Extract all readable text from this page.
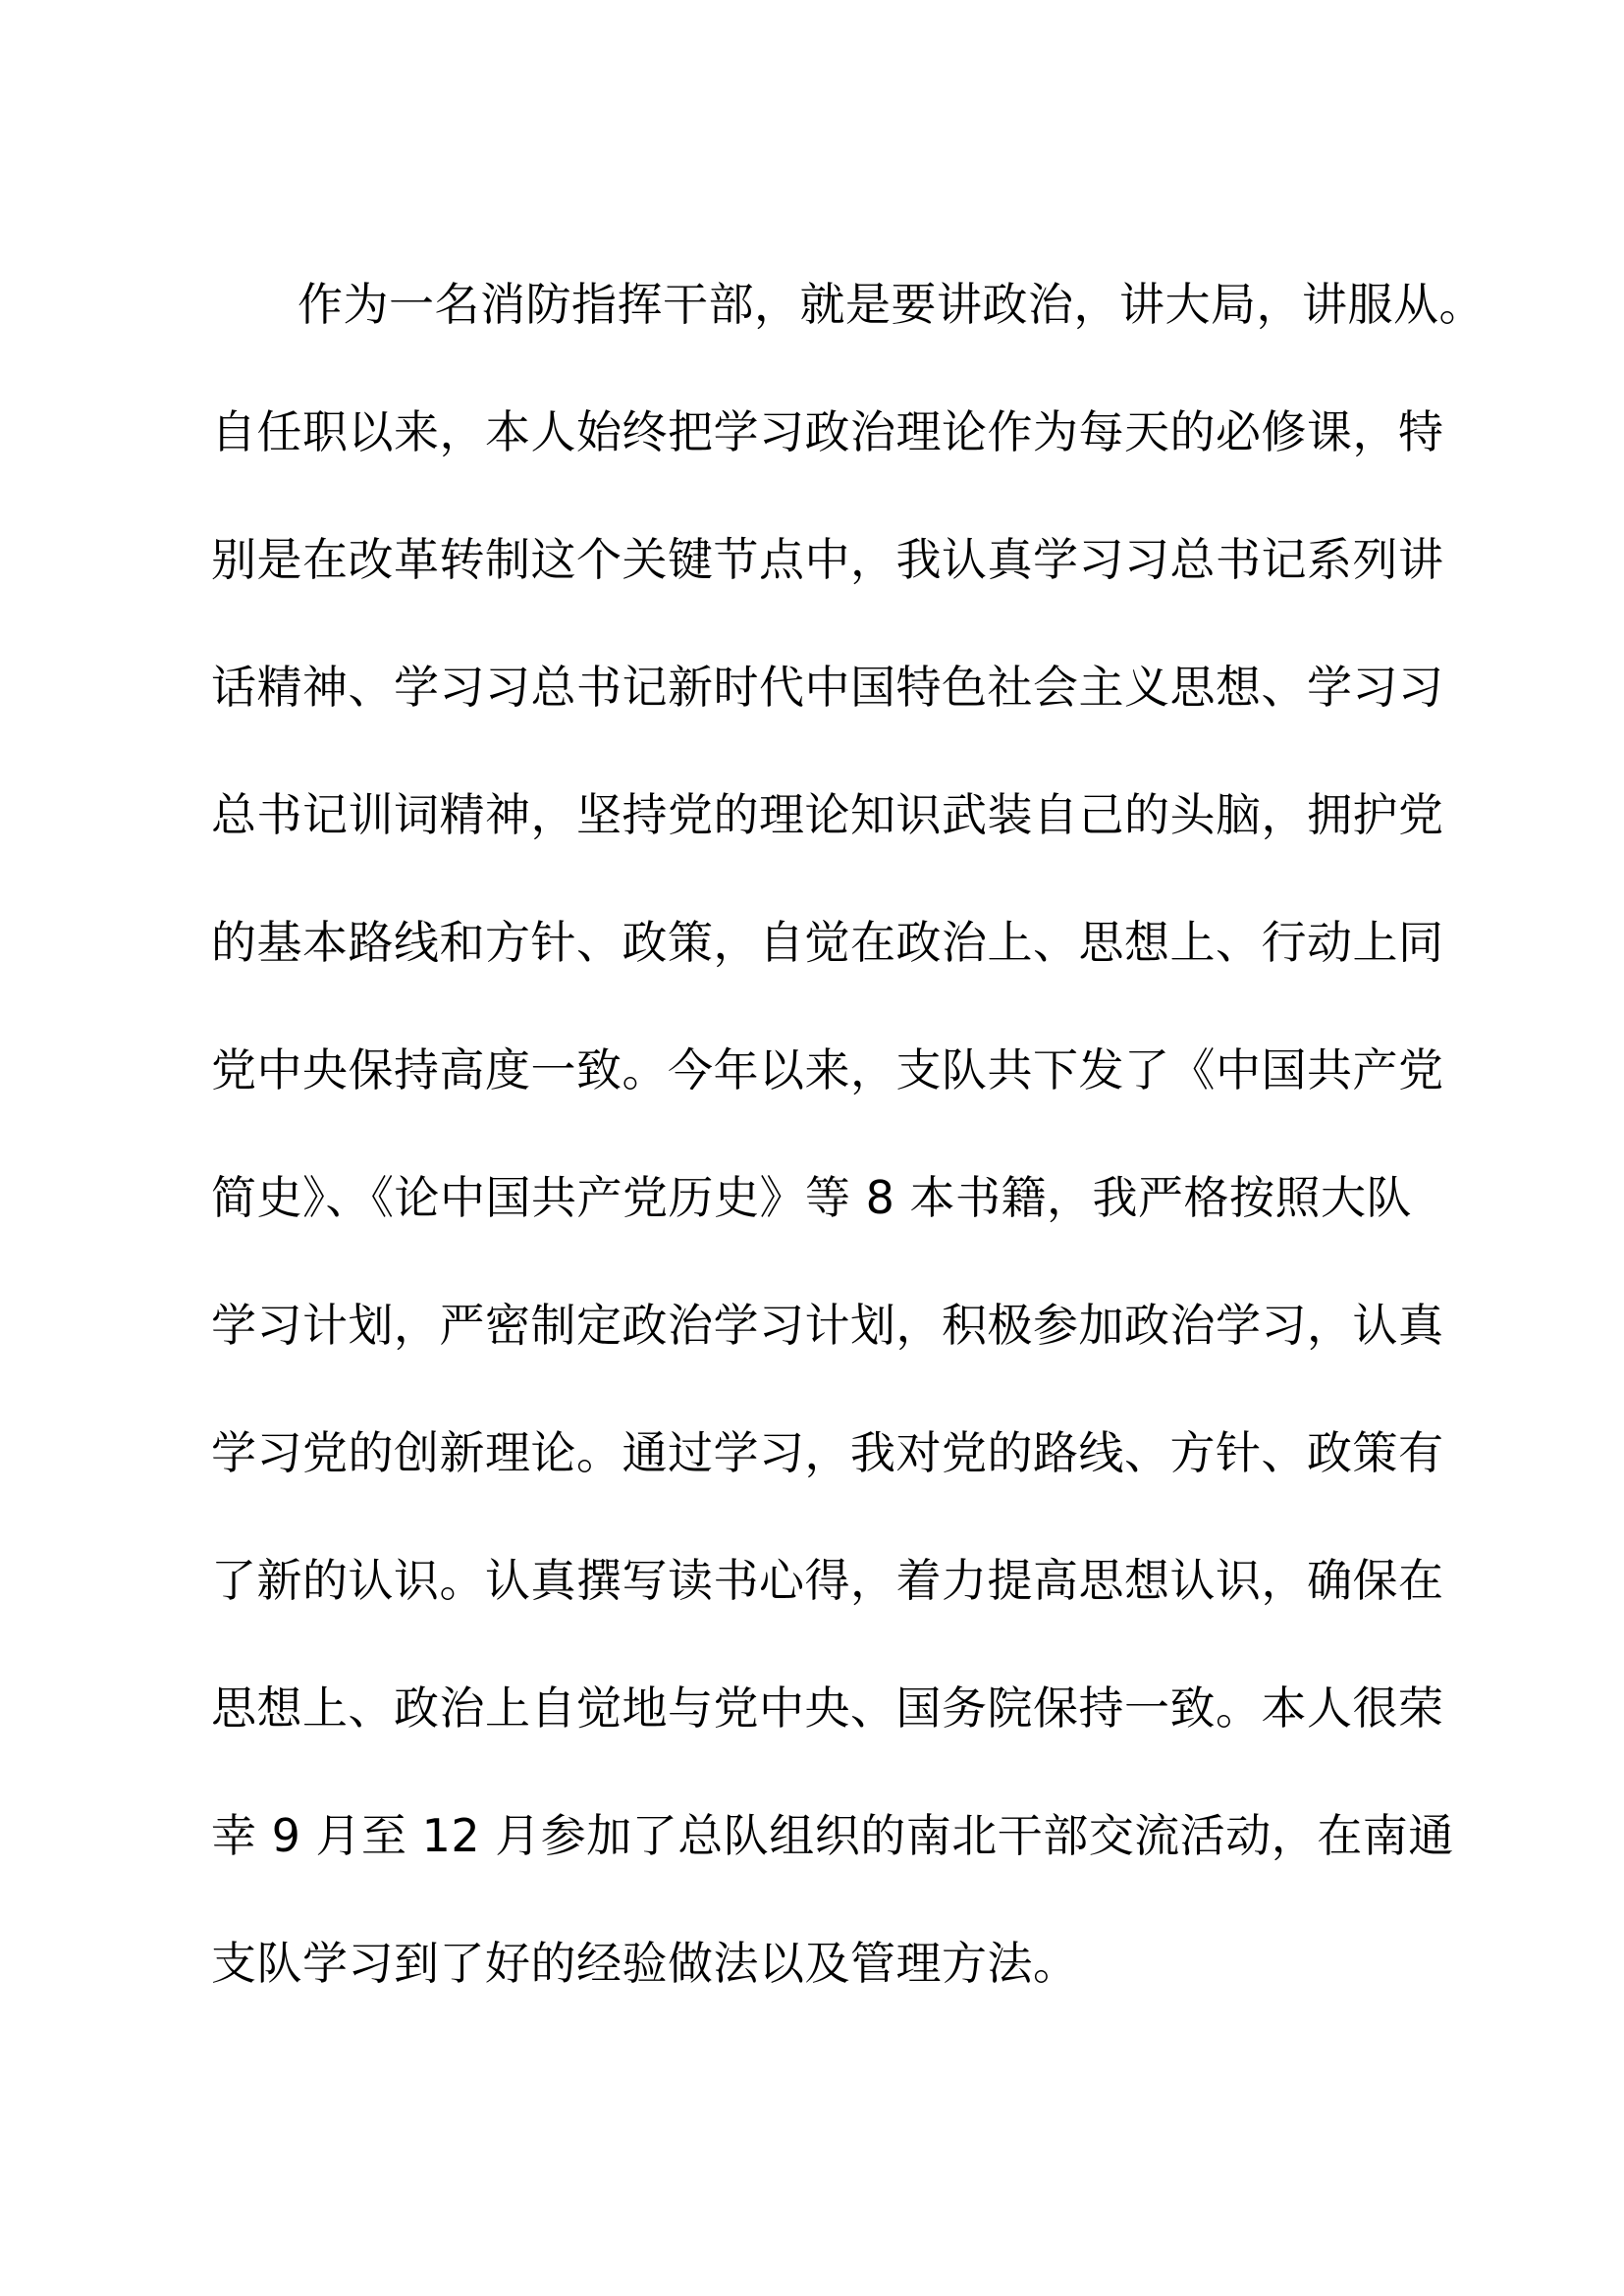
作为一名消防指挥干部，就是要讲政治，讲大局，讲服从。
自任职以来，本人始终把学习政治理论作为每天的必修课，特
别是在改革转制这个关键节点中，我认真学习习总书记系列讲
话精神、学习习总书记新时代中国特色社会主义思想、学习习
总书记训词精神，坚持党的理论知识武装自己的头脑，拥护党
的基本路线和方针、政策，自觉在政治上、思想上、行动上同
党中央保持高度一致。今年以来，支队共下发了《中国共产党
简史》、《论中国共产党历史》等 8 本书籍，我严格按照大队
学习计划，严密制定政治学习计划，积极参加政治学习，认真
学习党的创新理论。通过学习，我对党的路线、方针、政策有
了新的认识。认真撰写读书心得，着力提高思想认识，确保在
思想上、政治上自觉地与党中央、国务院保持一致。本人很荣
幸 9 月至 12 月参加了总队组织的南北干部交流活动，在南通
支队学习到了好的经验做法以及管理方法。
